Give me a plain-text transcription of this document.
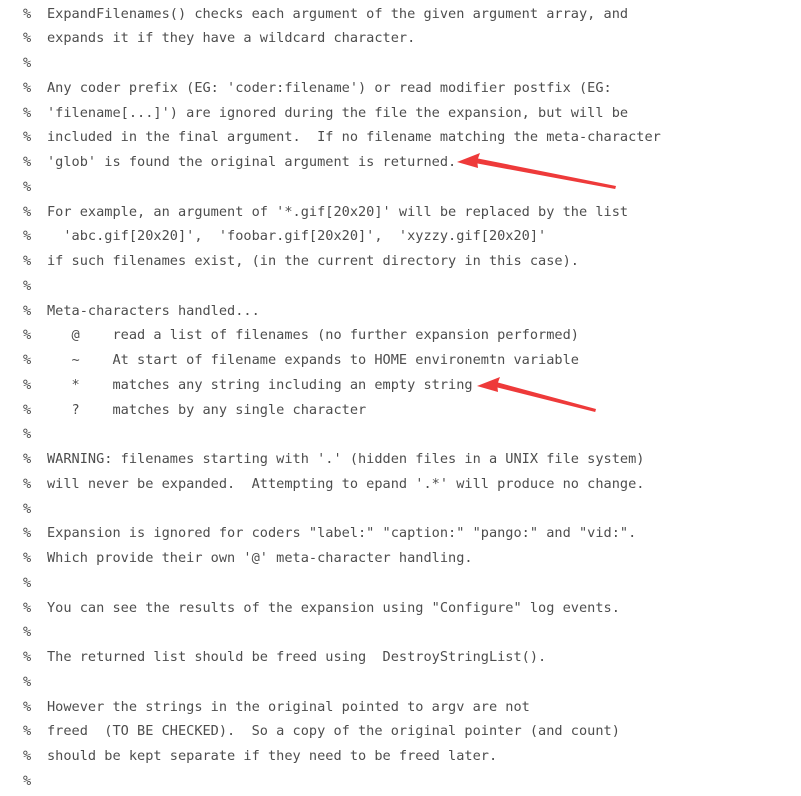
% ExpandFilenames() checks each argument of the given argument array, and
% expands it if they have a wildcard character.
%
% Any coder prefix (EG: 'coder:filename') or read modifier postfix (EG:
% 'filename[...]') are ignored during the file the expansion, but will be
% included in the final argument.  If no filename matching the meta-character
% 'glob' is found the original argument is returned.
%
% For example, an argument of '*.gif[20x20]' will be replaced by the list
% 'abc.gif[20x20]',  'foobar.gif[20x20]',  'xyzzy.gif[20x20]'
% if such filenames exist, (in the current directory in this case).
%
% Meta-characters handled...
% @    read a list of filenames (no further expansion performed)
% ~    At start of filename expands to HOME environemtn variable
% *    matches any string including an empty string
% ?    matches by any single character
%
% WARNING: filenames starting with '.' (hidden files in a UNIX file system)
% will never be expanded.  Attempting to epand '.*' will produce no change.
%
% Expansion is ignored for coders "label:" "caption:" "pango:" and "vid:".
% Which provide their own '@' meta-character handling.
%
% You can see the results of the expansion using "Configure" log events.
%
% The returned list should be freed using  DestroyStringList().
%
% However the strings in the original pointed to argv are not
% freed  (TO BE CHECKED).  So a copy of the original pointer (and count)
% should be kept separate if they need to be freed later.
%
